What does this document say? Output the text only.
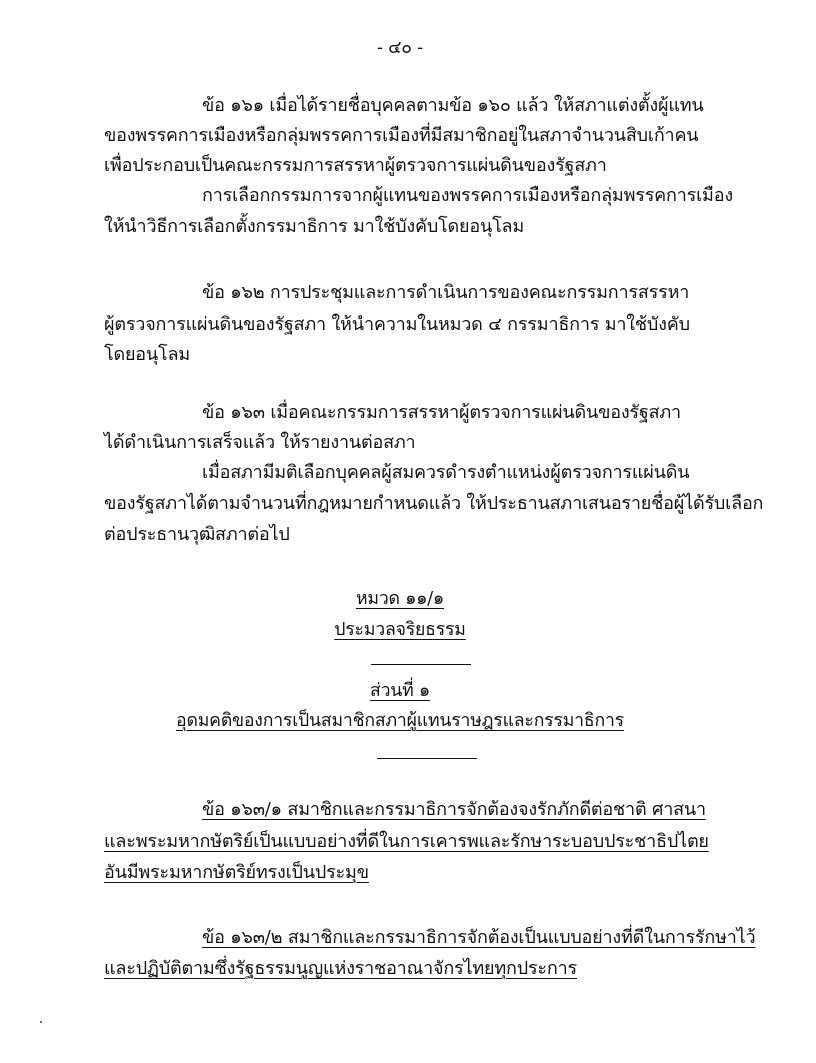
- ๔๐ -
ข้อ ๑๖๑ เมื่อได้รายชื่อบุคคลตามข้อ ๑๖๐ แล้ว ให้สภาแต่งตั้งผู้แทน
ของพรรคการเมืองหรือกลุ่มพรรคการเมืองที่มีสมาชิกอยู่ในสภาจำนวนสิบเก้าคน
เพื่อประกอบเป็นคณะกรรมการสรรหาผู้ตรวจการแผ่นดินของรัฐสภา
การเลือกกรรมการจากผู้แทนของพรรคการเมืองหรือกลุ่มพรรคการเมือง
ให้นำวิธีการเลือกตั้งกรรมาธิการ มาใช้บังคับโดยอนุโลม
ข้อ ๑๖๒ การประชุมและการดำเนินการของคณะกรรมการสรรหา
ผู้ตรวจการแผ่นดินของรัฐสภา ให้นำความในหมวด ๔ กรรมาธิการ มาใช้บังคับ
โดยอนุโลม
ข้อ ๑๖๓ เมื่อคณะกรรมการสรรหาผู้ตรวจการแผ่นดินของรัฐสภา
ได้ดำเนินการเสร็จแล้ว ให้รายงานต่อสภา
เมื่อสภามีมติเลือกบุคคลผู้สมควรดำรงตำแหน่งผู้ตรวจการแผ่นดิน
ของรัฐสภาได้ตามจำนวนที่กฎหมายกำหนดแล้ว ให้ประธานสภาเสนอรายชื่อผู้ได้รับเลือก
ต่อประธานวุฒิสภาต่อไป
หมวด ๑๑/๑
ประมวลจริยธรรม
ส่วนที่ ๑
อุดมคติของการเป็นสมาชิกสภาผู้แทนราษฎรและกรรมาธิการ
ข้อ ๑๖๓/๑ สมาชิกและกรรมาธิการจักต้องจงรักภักดีต่อชาติ ศาสนา
และพระมหากษัตริย์เป็นแบบอย่างที่ดีในการเคารพและรักษาระบอบประชาธิปไตย
อันมีพระมหากษัตริย์ทรงเป็นประมุข
ข้อ ๑๖๓/๒ สมาชิกและกรรมาธิการจักต้องเป็นแบบอย่างที่ดีในการรักษาไว้
และปฏิบัติตามซึ่งรัฐธรรมนูญแห่งราชอาณาจักรไทยทุกประการ
